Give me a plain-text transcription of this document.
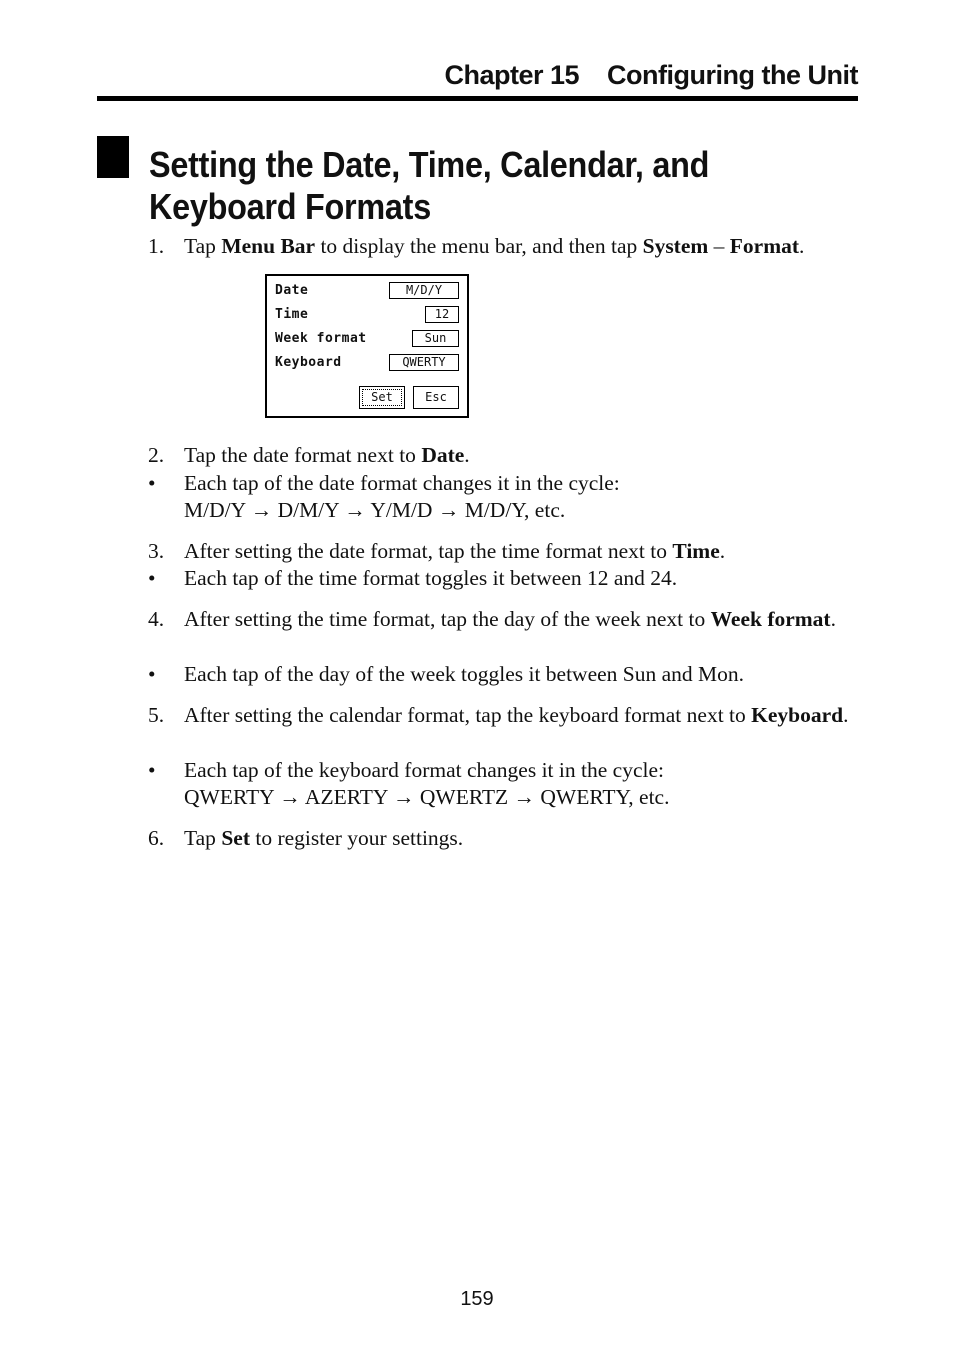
Chapter 15 Configuring the Unit
Setting the Date, Time, Calendar, and Keyboard Formats
1. Tap Menu Bar to display the menu bar, and then tap System – Format.
Date	M/D/Y
Time	12
Week format	Sun
Keyboard	QWERTY
Set	Esc
2. Tap the date format next to Date.
•	Each tap of the date format changes it in the cycle:
M/D/Y → D/M/Y → Y/M/D → M/D/Y, etc.
3. After setting the date format, tap the time format next to Time.
•	Each tap of the time format toggles it between 12 and 24.
4. After setting the time format, tap the day of the week next to Week format.
•	Each tap of the day of the week toggles it between Sun and Mon.
5. After setting the calendar format, tap the keyboard format next to Keyboard.
•	Each tap of the keyboard format changes it in the cycle:
QWERTY → AZERTY → QWERTZ → QWERTY, etc.
6. Tap Set to register your settings.
159
